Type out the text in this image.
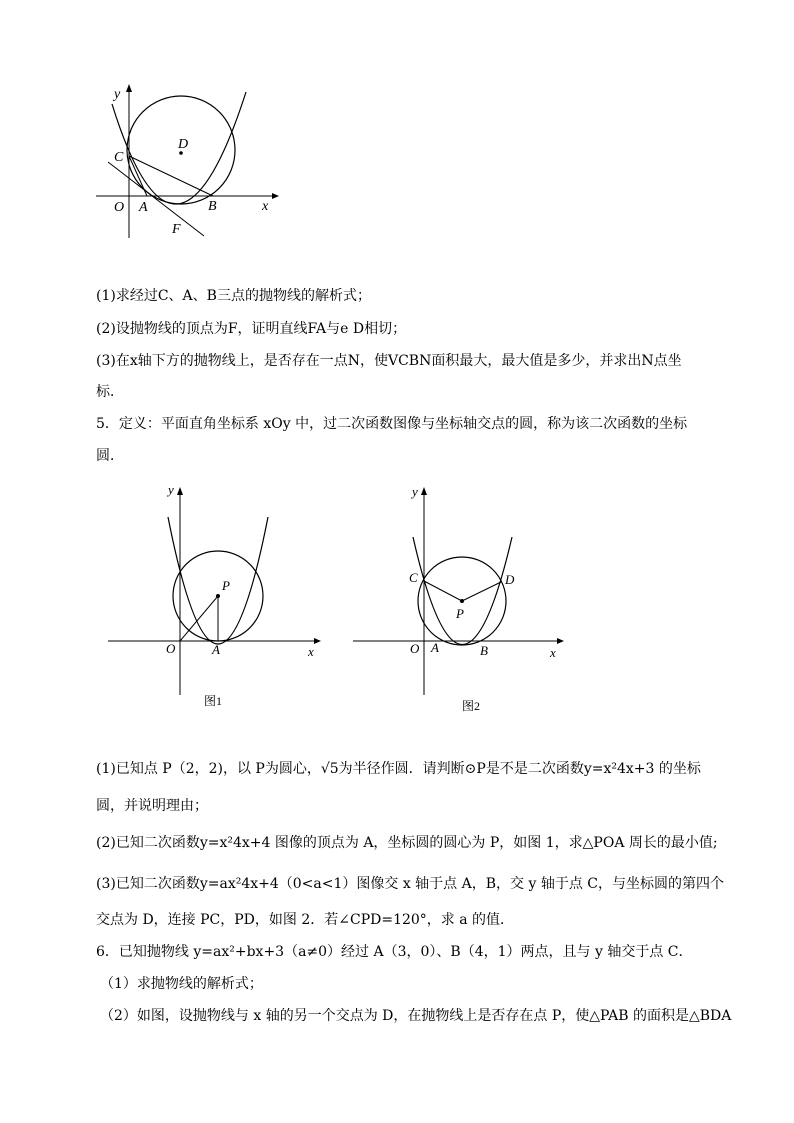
y
x
O A	B
C
D
F
(1)求经过C、A、B三点的抛物线的解析式；
(2)设抛物线的顶点为F，证明直线FA与e D相切；
(3)在x轴下方的抛物线上，是否存在一点N，使VCBN面积最大，最大值是多少，并求出N点坐
标．
5．定义：平面直角坐标系 xOy 中，过二次函数图像与坐标轴交点的圆，称为该二次函数的坐标
圆．
y
x
O	A
P
图1
y
x
O A	B
C	D
P
图2
(1)已知点 P（2，2)，以 P为圆心，√5为半径作圆．请判断⊙P是不是二次函数y=x²4x+3 的坐标
圆，并说明理由；
(2)已知二次函数y=x²4x+4 图像的顶点为 A，坐标圆的圆心为 P，如图 1，求△POA 周长的最小值;
(3)已知二次函数y=ax²4x+4（0<a<1）图像交 x 轴于点 A，B，交 y 轴于点 C，与坐标圆的第四个
交点为 D，连接 PC，PD，如图 2．若∠CPD=120°，求 a 的值．
6．已知抛物线 y=ax²+bx+3（a≠0）经过 A（3，0）、B（4，1）两点，且与 y 轴交于点 C．
（1）求抛物线的解析式；
（2）如图，设抛物线与 x 轴的另一个交点为 D，在抛物线上是否存在点 P，使△PAB 的面积是△BDA
